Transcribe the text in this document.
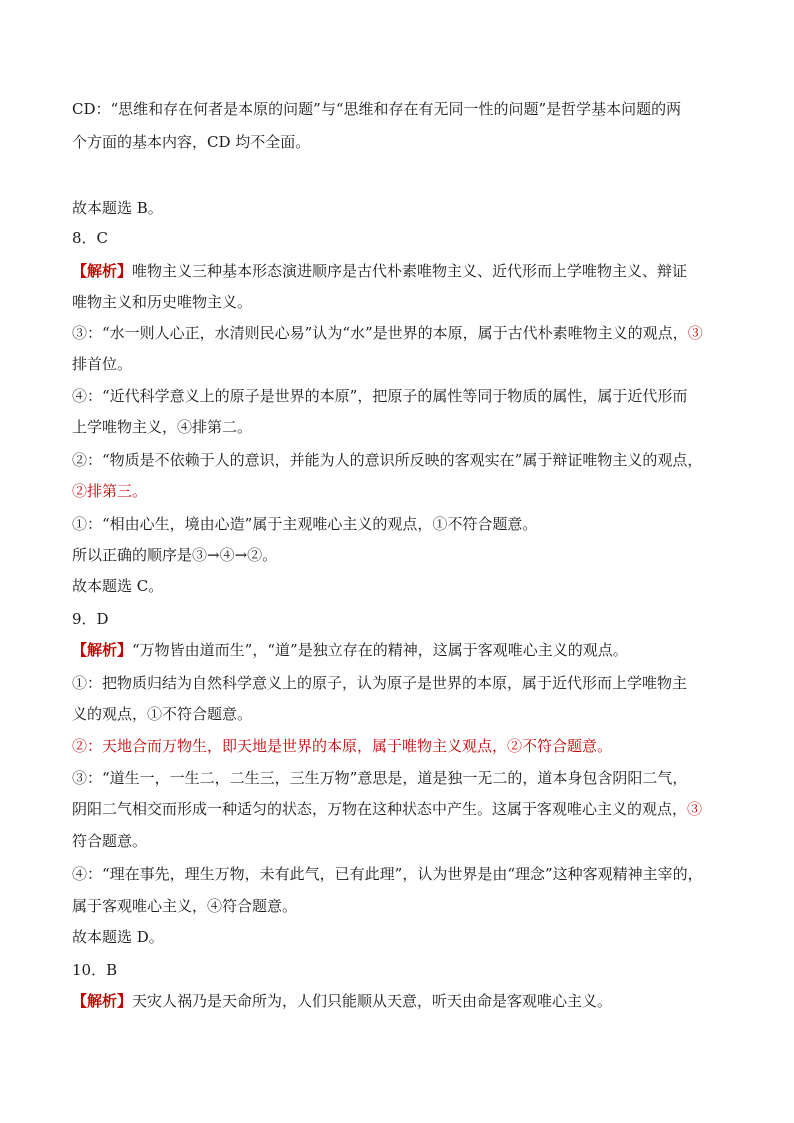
CD：“思维和存在何者是本原的问题”与“思维和存在有无同一性的问题”是哲学基本问题的两
个方面的基本内容，CD 均不全面。
故本题选 B。
8．C
【解析】唯物主义三种基本形态演进顺序是古代朴素唯物主义、近代形而上学唯物主义、辩证
唯物主义和历史唯物主义。
③：“水一则人心正，水清则民心易”认为“水”是世界的本原，属于古代朴素唯物主义的观点，③
排首位。
④：“近代科学意义上的原子是世界的本原”，把原子的属性等同于物质的属性，属于近代形而
上学唯物主义，④排第二。
②：“物质是不依赖于人的意识，并能为人的意识所反映的客观实在”属于辩证唯物主义的观点，
②排第三。
①：“相由心生，境由心造”属于主观唯心主义的观点，①不符合题意。
所以正确的顺序是③→④→②。
故本题选 C。
9．D
【解析】“万物皆由道而生”，“道”是独立存在的精神，这属于客观唯心主义的观点。
①：把物质归结为自然科学意义上的原子，认为原子是世界的本原，属于近代形而上学唯物主
义的观点，①不符合题意。
②：天地合而万物生，即天地是世界的本原，属于唯物主义观点，②不符合题意。
③：“道生一，一生二，二生三，三生万物”意思是，道是独一无二的，道本身包含阴阳二气，
阴阳二气相交而形成一种适匀的状态，万物在这种状态中产生。这属于客观唯心主义的观点，③
符合题意。
④：“理在事先，理生万物，未有此气，已有此理”，认为世界是由“理念”这种客观精神主宰的，
属于客观唯心主义，④符合题意。
故本题选 D。
10．B
【解析】天灾人祸乃是天命所为，人们只能顺从天意，听天由命是客观唯心主义。
